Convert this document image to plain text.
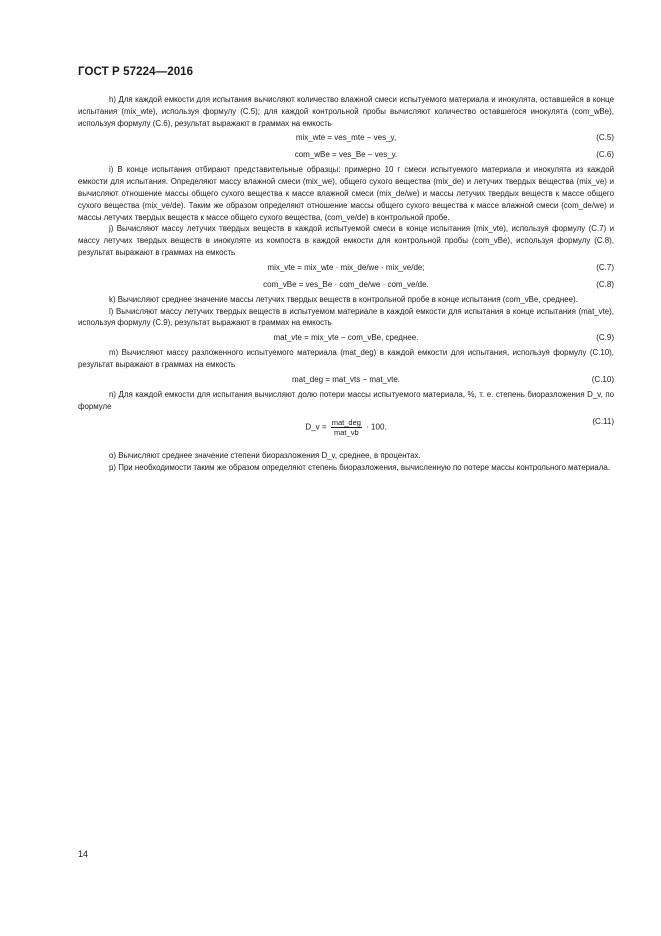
ГОСТ Р 57224—2016

h) Для каждой емкости для испытания вычисляют количество влажной смеси испытуемого материала и инокулята, оставшейся в конце испытания (mix_wte), используя формулу (С.5); для каждой контрольной пробы вычисляют количество оставшегося инокулята (com_wBe), используя формулу (С.6), результат выражают в граммах на емкость

mix_wte = ves_mte − ves_y,	(С.5)
com_wBe = ves_Be − ves_y.	(С.6)

i) В конце испытания отбирают представительные образцы: примерно 10 г смеси испытуемого материала и инокулята из каждой емкости для испытания. Определяют массу влажной смеси (mix_we), общего сухого вещества (mix_de) и летучих твердых вещества (mix_ve) и вычисляют отношение массы общего сухого вещества к массе влажной смеси (mix_de/we) и массы летучих твердых веществ к массе общего сухого вещества (mix_ve/de). Таким же образом определяют отношение массы общего сухого вещества к массе влажной смеси (com_de/we) и массы летучих твердых веществ к массе общего сухого вещества, (com_ve/de) в контрольной пробе.

j) Вычисляют массу летучих твердых веществ в каждой испытуемой смеси в конце испытания (mix_vte), используя формулу (С.7) и массу летучих твердых веществ в инокуляте из компоста в каждой емкости для контрольной пробы (com_vBe), используя формулу (С.8), результат выражают в граммах на емкость

mix_vte = mix_wte · mix_de/we · mix_ve/de;	(С.7)
com_vBe = ves_Be · com_de/we · com_ve/de.	(С.8)

k) Вычисляют среднее значение массы летучих твердых веществ в контрольной пробе в конце испытания (com_vBe, среднее).

l) Вычисляют массу летучих твердых веществ в испытуемом материале в каждой емкости для испытания в конце испытания (mat_vte), используя формулу (С.9), результат выражают в граммах на емкость

mat_vte = mix_vte − com_vBe, среднее.	(С.9)

m) Вычисляют массу разложенного испытуемого материала (mat_deg) в каждой емкости для испытания, используя формулу (С.10), результат выражают в граммах на емкость

mat_deg = mat_vts − mat_vte.	(С.10)

n) Для каждой емкости для испытания вычисляют долю потери массы испытуемого материала, %, т. е. степень биоразложения D_v, по формуле

D_v = $\frac{\text{mat\_deg}}{\text{mat\_vb}} \cdot 100$.
(С.11)

o) Вычисляют среднее значение степени биоразложения D_v, среднее, в процентах.

p) При необходимости таким же образом определяют степень биоразложения, вычисленную по потере массы контрольного материала.

14
